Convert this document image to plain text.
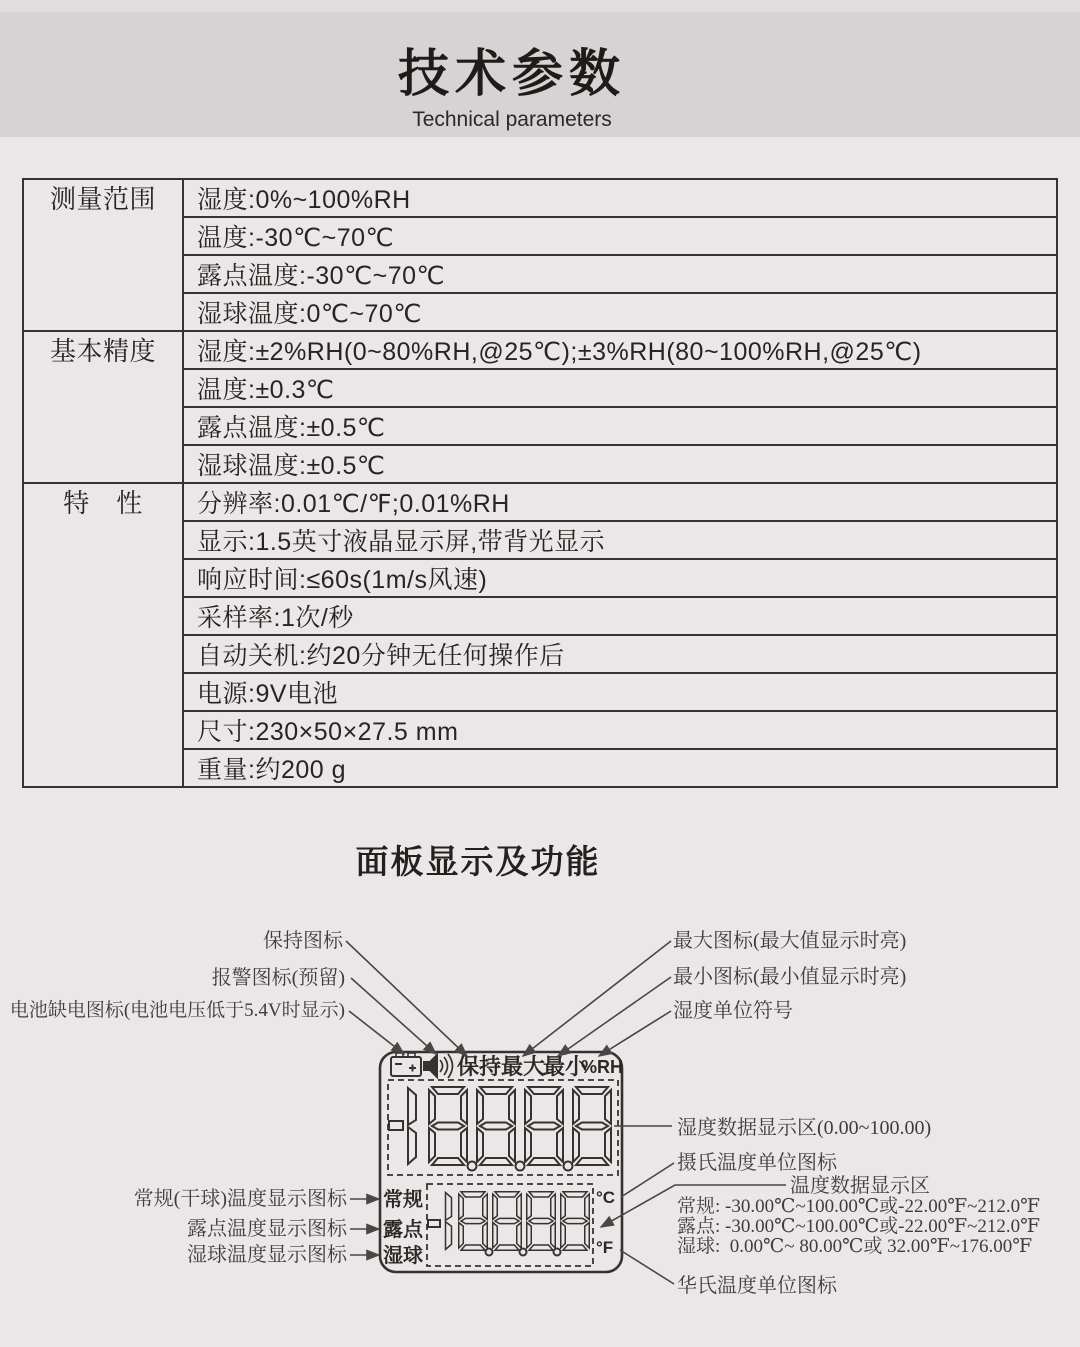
技术参数

Technical parameters

测量范围	湿度:0%~100%RH
	温度:-30℃~70℃
	露点温度:-30℃~70℃
	湿球温度:0℃~70℃
基本精度	湿度:±2%RH(0~80%RH,@25℃);±3%RH(80~100%RH,@25℃)
	温度:±0.3℃
	露点温度:±0.5℃
	湿球温度:±0.5℃
特　性	分辨率:0.01℃/℉;0.01%RH
	显示:1.5英寸液晶显示屏,带背光显示
	响应时间:≤60s(1m/s风速)
	采样率:1次/秒
	自动关机:约20分钟无任何操作后
	电源:9V电池
	尺寸:230×50×27.5 mm
	重量:约200 g
面板显示及功能
保持 最大
最小
%RH
常规
露点
湿球
°C
°F
保持图标
报警图标(预留)
电池缺电图标(电池电压低于5.4V时显示)
最大图标(最大值显示时亮)
最小图标(最小值显示时亮)
湿度单位符号
湿度数据显示区(0.00~100.00)
摄氏温度单位图标
温度数据显示区
常规: -30.00℃~100.00℃或-22.00℉~212.0℉
露点: -30.00℃~100.00℃或-22.00℉~212.0℉
湿球:  0.00℃~ 80.00℃或 32.00℉~176.00℉
华氏温度单位图标
常规(干球)温度显示图标
露点温度显示图标
湿球温度显示图标
